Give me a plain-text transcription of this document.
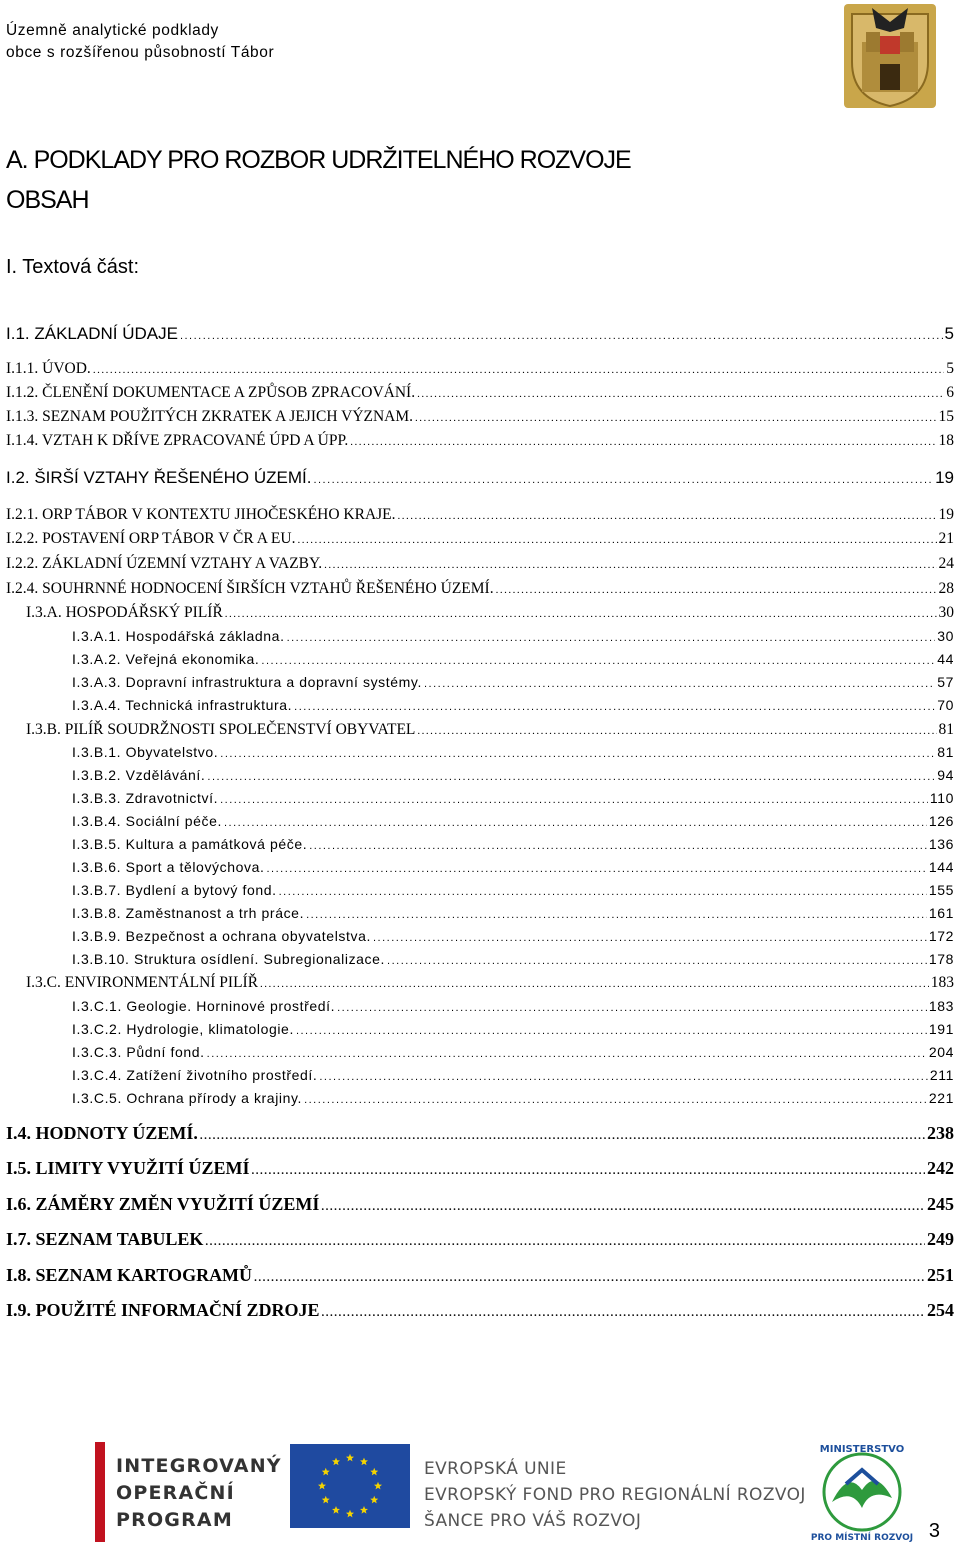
Územně analytické podklady
obce s rozšířenou působností Tábor
A. PODKLADY PRO ROZBOR UDRŽITELNÉHO ROZVOJE
OBSAH
I. Textová část:
I.1. ZÁKLADNÍ ÚDAJE .....	5
I.1.1. ÚVOD. .....	5
I.1.2. ČLENĚNÍ DOKUMENTACE A ZPŮSOB ZPRACOVÁNÍ. .....	6
I.1.3. SEZNAM POUŽITÝCH ZKRATEK A JEJICH VÝZNAM. .....	15
I.1.4. VZTAH K DŘÍVE ZPRACOVANÉ ÚPD A ÚPP. .....	18
I.2. ŠIRŠÍ VZTAHY ŘEŠENÉHO ÚZEMÍ. .....	19
I.2.1. ORP TÁBOR V KONTEXTU JIHOČESKÉHO KRAJE. .....	19
I.2.2. POSTAVENÍ ORP TÁBOR V ČR A EU. .....	21
I.2.2. ZÁKLADNÍ ÚZEMNÍ VZTAHY A VAZBY. .....	24
I.2.4. SOUHRNNÉ HODNOCENÍ ŠIRŠÍCH VZTAHŮ ŘEŠENÉHO ÚZEMÍ. .....	28
I.3.A. HOSPODÁŘSKÝ PILÍŘ .....	30
I.3.A.1. Hospodářská základna. .....	30
I.3.A.2. Veřejná ekonomika. .....	44
I.3.A.3. Dopravní infrastruktura a dopravní systémy. .....	57
I.3.A.4. Technická infrastruktura. .....	70
I.3.B. PILÍŘ SOUDRŽNOSTI SPOLEČENSTVÍ OBYVATEL .....	81
I.3.B.1. Obyvatelstvo. .....	81
I.3.B.2. Vzdělávání. .....	94
I.3.B.3. Zdravotnictví. .....	110
I.3.B.4. Sociální péče. .....	126
I.3.B.5. Kultura a památková péče. .....	136
I.3.B.6. Sport a tělovýchova. .....	144
I.3.B.7. Bydlení a bytový fond. .....	155
I.3.B.8. Zaměstnanost a trh práce. .....	161
I.3.B.9. Bezpečnost a ochrana obyvatelstva. .....	172
I.3.B.10. Struktura osídlení. Subregionalizace. .....	178
I.3.C. ENVIRONMENTÁLNÍ PILÍŘ .....	183
I.3.C.1. Geologie. Horninové prostředí. .....	183
I.3.C.2. Hydrologie, klimatologie. .....	191
I.3.C.3. Půdní fond. .....	204
I.3.C.4. Zatížení životního prostředí. .....	211
I.3.C.5. Ochrana přírody a krajiny. .....	221
I.4. HODNOTY ÚZEMÍ. .....	238
I.5. LIMITY VYUŽITÍ ÚZEMÍ .....	242
I.6. ZÁMĚRY ZMĚN VYUŽITÍ ÚZEMÍ .....	245
I.7. SEZNAM TABULEK .....	249
I.8. SEZNAM KARTOGRAMŮ .....	251
I.9. POUŽITÉ INFORMAČNÍ ZDROJE .....	254
INTEGROVANÝ
OPERAČNÍ
PROGRAM
EVROPSKÁ UNIE
EVROPSKÝ FOND PRO REGIONÁLNÍ ROZVOJ
ŠANCE PRO VÁŠ ROZVOJ
MINISTERSTVO
PRO MÍSTNÍ ROZVOJ 3
